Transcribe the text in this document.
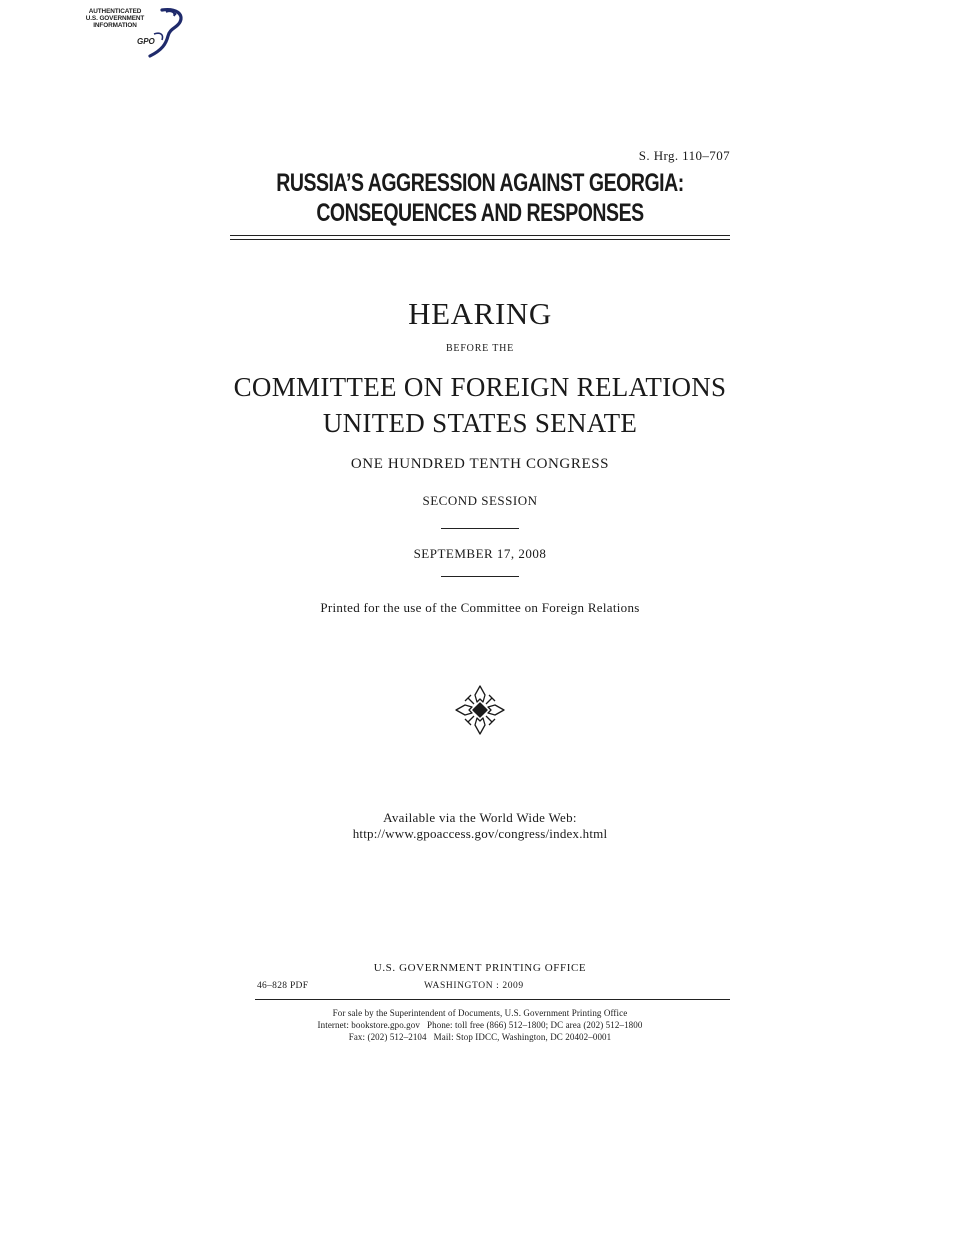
AUTHENTICATED
U.S. GOVERNMENT
INFORMATION
GPO
S. Hrg. 110–707
RUSSIA’S AGGRESSION AGAINST GEORGIA:
CONSEQUENCES AND RESPONSES
HEARING
BEFORE THE
COMMITTEE ON FOREIGN RELATIONS
UNITED STATES SENATE
ONE HUNDRED TENTH CONGRESS
SECOND SESSION
SEPTEMBER 17, 2008
Printed for the use of the Committee on Foreign Relations
Available via the World Wide Web:
http://www.gpoaccess.gov/congress/index.html
U.S. GOVERNMENT PRINTING OFFICE
46–828 PDF	WASHINGTON : 2009
For sale by the Superintendent of Documents, U.S. Government Printing Office
Internet: bookstore.gpo.gov   Phone: toll free (866) 512–1800; DC area (202) 512–1800
Fax: (202) 512–2104   Mail: Stop IDCC, Washington, DC 20402–0001
